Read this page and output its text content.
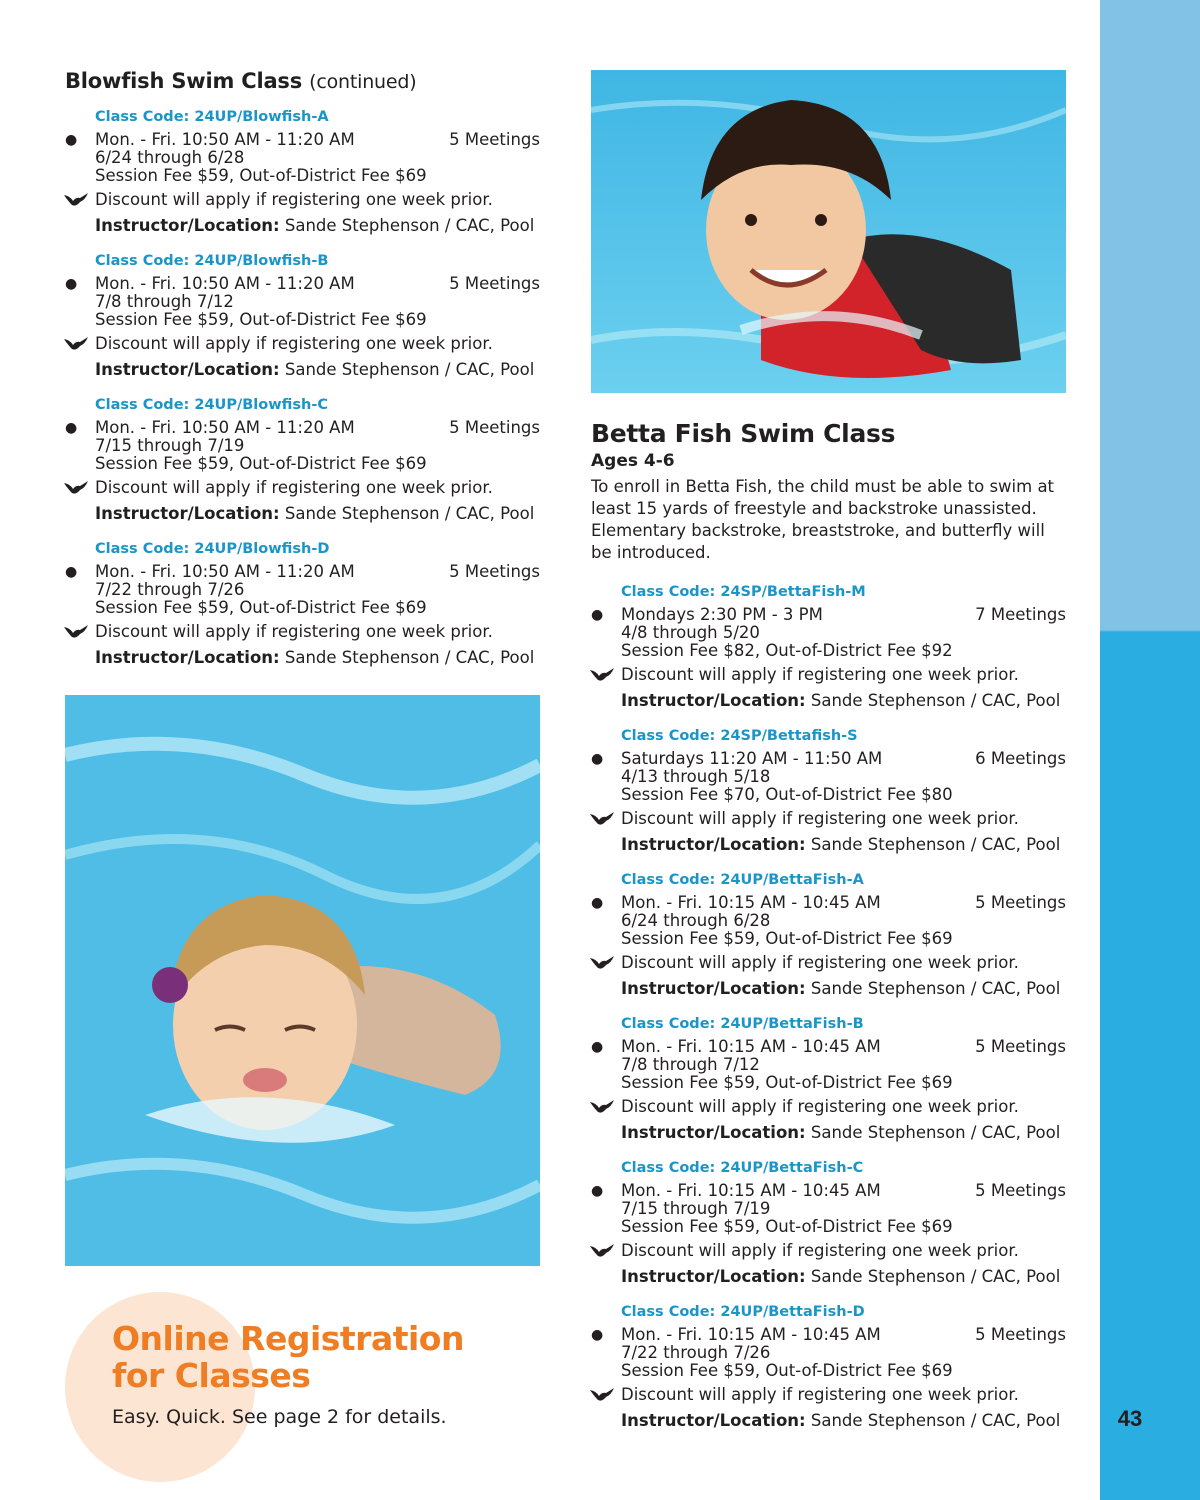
43
Blowfish Swim Class (continued)
Class Code: 24UP/Blowfish-A
● Mon. - Fri. 10:50 AM - 11:20 AM	5 Meetings
6/24 through 6/28
Session Fee $59, Out-of-District Fee $69
Discount will apply if registering one week prior.
Instructor/Location: Sande Stephenson / CAC, Pool
Class Code: 24UP/Blowfish-B
● Mon. - Fri. 10:50 AM - 11:20 AM	5 Meetings
7/8 through 7/12
Session Fee $59, Out-of-District Fee $69
Discount will apply if registering one week prior.
Instructor/Location: Sande Stephenson / CAC, Pool
Class Code: 24UP/Blowfish-C
● Mon. - Fri. 10:50 AM - 11:20 AM	5 Meetings
7/15 through 7/19
Session Fee $59, Out-of-District Fee $69
Discount will apply if registering one week prior.
Instructor/Location: Sande Stephenson / CAC, Pool
Class Code: 24UP/Blowfish-D
● Mon. - Fri. 10:50 AM - 11:20 AM	5 Meetings
7/22 through 7/26
Session Fee $59, Out-of-District Fee $69
Discount will apply if registering one week prior.
Instructor/Location: Sande Stephenson / CAC, Pool
Betta Fish Swim Class
Ages 4-6
To enroll in Betta Fish, the child must be able to swim at least 15 yards of freestyle and backstroke unassisted. Elementary backstroke, breaststroke, and butterfly will be introduced.
Class Code: 24SP/BettaFish-M
● Mondays 2:30 PM - 3 PM	7 Meetings
4/8 through 5/20
Session Fee $82, Out-of-District Fee $92
Discount will apply if registering one week prior.
Instructor/Location: Sande Stephenson / CAC, Pool
Class Code: 24SP/Bettafish-S
● Saturdays 11:20 AM - 11:50 AM	6 Meetings
4/13 through 5/18
Session Fee $70, Out-of-District Fee $80
Discount will apply if registering one week prior.
Instructor/Location: Sande Stephenson / CAC, Pool
Class Code: 24UP/BettaFish-A
● Mon. - Fri. 10:15 AM - 10:45 AM	5 Meetings
6/24 through 6/28
Session Fee $59, Out-of-District Fee $69
Discount will apply if registering one week prior.
Instructor/Location: Sande Stephenson / CAC, Pool
Class Code: 24UP/BettaFish-B
● Mon. - Fri. 10:15 AM - 10:45 AM	5 Meetings
7/8 through 7/12
Session Fee $59, Out-of-District Fee $69
Discount will apply if registering one week prior.
Instructor/Location: Sande Stephenson / CAC, Pool
Class Code: 24UP/BettaFish-C
● Mon. - Fri. 10:15 AM - 10:45 AM	5 Meetings
7/15 through 7/19
Session Fee $59, Out-of-District Fee $69
Discount will apply if registering one week prior.
Instructor/Location: Sande Stephenson / CAC, Pool
Class Code: 24UP/BettaFish-D
● Mon. - Fri. 10:15 AM - 10:45 AM	5 Meetings
7/22 through 7/26
Session Fee $59, Out-of-District Fee $69
Discount will apply if registering one week prior.
Instructor/Location: Sande Stephenson / CAC, Pool
Online Registration
for Classes
Easy. Quick. See page 2 for details.
